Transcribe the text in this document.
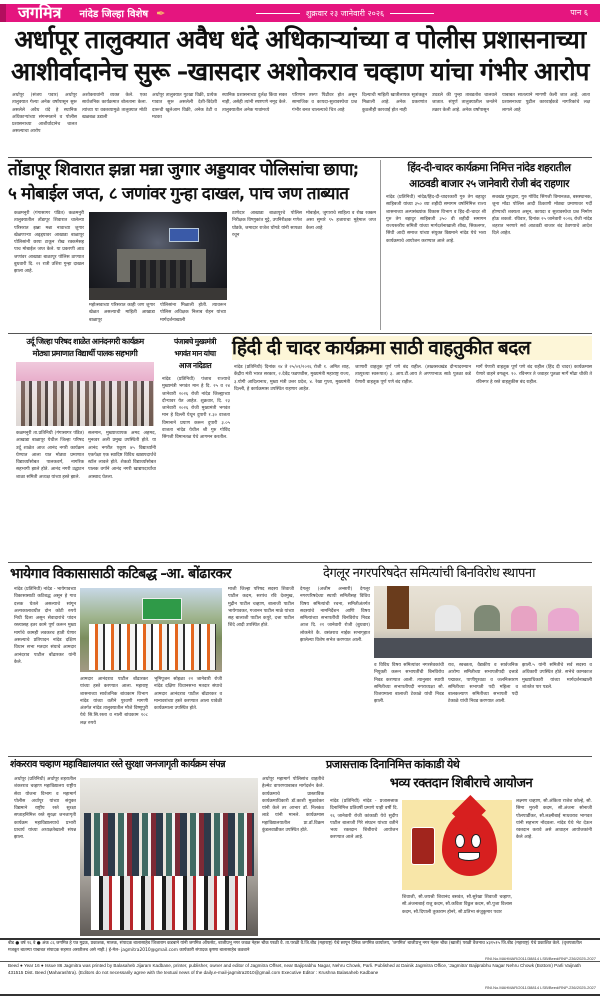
जगमित्र	नांदेड जिल्हा विशेष ✒	शुक्रवार २३ जानेवारी २०२६	पान ६
अर्धापूर तालुक्यात अवैध धंदे अधिकाऱ्यांच्या व पोलीस प्रशासनाच्या
आशीर्वादानेच सुरू –खासदार अशोकराव चव्हाण यांचा गंभीर आरोप
अर्धापूर (संजय पवार) अर्धापूर तालुक्यात गेल्या अनेक वर्षांपासून सुरू असलेले अवैध धंदे हे स्थानिक अधिकाऱ्यांच्या संगनमताने व पोलीस प्रशासनाच्या आशीर्वादानेच चालत असल्याचा आरोप
अशोकरावांनी व्यक्त केले. एका सार्वजनिक कार्यक्रमात बोलताना केला. त्यांच्या या वक्तव्यामुळे तालुक्यात मोठी खळबळ उडाली
अर्धापूर तालुक्यात गुटखा विक्री, प्रत्येक गावात सुरू असलेली देशी-विदेशी दारूची खुलेआम विक्री, अनेक ठेटी व मटका
स्थानिक प्रशासनाच्या दुर्लक्ष किंवा सक्त नाही, असेही त्यांनी स्पष्टपणे नमूद केले. तालुक्यातील अनेक गावांमध्ये
परिणाम तरुण पिढीवर होत असून सामाजिक व कायदा-सुव्यवस्थेचा प्रश्न गंभीर बनत चालल्याचे चित्र आहे
दिल्याची माहिती खात्रीलायक सूत्रांकडून मिळाली आहे. अनेक प्रकरणांत कुठलीही कारवाई होत नाही
उघडले की पुन्हा ताबडतोब चालवले जातात. संपूर्ण तालुक्यातील जनतेने तक्रार केली आहे. अनेक वर्षांपासून
याबाबत सातत्याने मागणी केली जात आहे. आता प्रशासनाच्या पुढील कारवाईकडे नागरिकांचे लक्ष लागले आहे
तोंडापूर शिवारात झन्ना मन्ना जुगार अड्डयावर पोलिसांचा छापा;
५ मोबाईल जप्त, ८ जणांवर गुन्हा दाखल, पाच जण ताब्यात
कळमनुरी (गंगासागर पंडित) कळमनुरी तालुक्यातील तोंडापूर शिवारात चालेल्या परिसरात झन्ना मन्ना नावाच्या जुगार खेळणाऱ्या अड्ड्यावर आखाडा बाळापूर पोलिसांनी छापा टाकून रोख रक्कमेसह पाच मोबाईल जप्त केले. या प्रकरणी आठ जणांवर आखाडा बाळापूर पोलिस ठाण्यात बुधवारी दि. २१ रात्री उशिरा गुन्हा दाखल झाला आहे.
महोत्सवाच्या परिसरात काही जण जुगार खेळत असल्याची माहिती आखाडा बाळापूर
पोलिसांना मिळाली होती. त्यावरून पोलिस अधिक्षक निलाब रोहन यांच्या मार्गदर्शनाखाली
ठाणेदार आखाडा बाळापूरचे पोलिस निरीक्षक विष्णुकांत गुट्टे, उपनिरीक्षक गणेश घोडके, जमादार राजेश घोंगडे यांनी सापळा रचून
मोबाईल, जुगाराचे साहित्य व रोख रक्कम असा सुमारे ९५ हजाराचा मुद्देमाल जप्त केला आहे
हिंद-दी-चादर कार्यक्रमा निमित्त नांदेड शहरातील
आठवडी बाजार २५ जानेवारी रोजी बंद राहणार
नांदेड (प्रतिनिधी) नांदेड/हिंद-दी-चादरकारी गुरु तेग बहादुर साहिबजी यांच्या ३५० व्या शहीदी समागम वर्षानिमित्त राज्य शासनाच्या अल्पसंख्यांक विकास विभाग व हिंद-दी-चादर श्री गुरु तेग बहादुर साहिबजी ३५० वी शहीदी समागम राज्यस्तरीय समिती यांच्या मार्गदर्शनाखाली शीख, सिकलगर, सिंधी आदी समाज यांच्या संयुक्त विद्यमाने नांदेड येथे भव्य कार्यक्रमाचे आयोजन करण्यात आले आहे.
सचखंड गुरुद्वारा, गुरु गोविंद सिंगजी विमानतळ, बसस्थानक, जुना मोंढा पोलिस आदी ठिकाणी मोठ्या प्रमाणावर गर्दी होण्याची शक्यता असून, कायदा व सुव्यवस्थेचा प्रश्न निर्माण होऊ शकतो. रविवार, दिनांक २५ जानेवारी २०२६ रोजी नांदेड शहरात भरणारे सर्व आठवडी बाजार बंद ठेवण्याचे आदेश दिले आहेत.
उर्दू जिल्हा परिषद शाळेत आनंदनगरी कार्यक्रम
मोठ्या प्रमाणात विद्यार्थी पालक सहभागी
कळमनुरी ता.प्रतिनिधी (गंगासागर पंडित) आखाडा बाळापूर येथील जिल्हा परिषद उर्दू शाळेत आज आनंद नगरी कार्यक्रम घेण्यात आला यात मोठ्या प्रमाणात विद्यार्थ्यांसोबत पालकवर्ग, नागरिक सहभागी झाले होते. आनंद नगरी उद्घाटन शाळा समिती अध्यक्ष यांच्या हस्ते झाले.
सलमान, मुख्याध्यापक अमद अहमद, मुनव्वर अली प्रमुख उपस्थिती होते. या आनंद नगरीत एकूण ४५ विद्यार्थ्यांनी एकपेक्षा एक स्वादिष्ट विविध खाद्यपदार्थचे स्टॉल लावले होते. शेकडो विद्यार्थ्यांसोबत पालक वर्गाने आनंद नगरी खाद्यपदार्थांचा आस्वाद घेतला.
पंजाबचे मुख्यमंत्री
भगवंत मान यांचा
आज नांदेडात
नांदेड (प्रतिनिधी) पंजाब राज्याचे मुख्यमंत्री भगवंत मान हे दि. २५ व २४ जानेवारी २०२६ रोजी नांदेड जिल्ह्याच्या दौऱ्यावर येत आहेत. शुक्रवार, दि. २३ जानेवारी २०२६ रोजी मुख्यमंत्री भगवंत मान हे दिल्ली येथून दुपारी १.३० वाजता विमानाने प्रयाण करून दुपारी ३.०५ वाजता नांदेड येथील श्री गुरु गोविंद सिंगजी विमानतळ येथे आगमन करतील.
हिंदी दी चादर कार्यक्रमा साठी वाहतुकीत बदल
नांदेड (प्रतिनिधी) दिनांक २४ ते २५/०१/२०२६ रोजी १. अमित शाह, केंद्रीय मंत्री भारत सरकार, २.देवेंद्र फडणवीस, मुख्यमंत्री महाराष्ट्र राज्य, ३.योगी आदित्यनाथ, मुख्य मंत्री उत्तर प्रदेश, ४. रेखा गुप्ता, मुख्यमंत्री दिल्ली, हे कार्यक्रमास उपस्थित राहणार आहेत.
जाणारी वाहतूक पूर्ण पणे बंद राहील. (तख्तसचखंड दौऱ्यादरम्यान तात्पुरत्या स्वरूपात) ३. आय.टी.आय ते अण्णाभाऊ साठे पुतळा कडे येणारी वाहतूक पूर्ण पणे बंद राहील.
मार्गे येणारी वाहतूक पूर्ण पणे बंद राहील (हिंद दी चादर) कार्यक्रमास येणारे वाहने वगळून. १०. रविनगर ते जवाहर पुतळा मार्गे मोंढा चौकी ते रविनगर हे रस्ते वाहतुकीस बंद राहील.
भायेगाव विकासासाठी कटिबद्ध –आ. बोंढारकर
नांदेड (प्रतिनिधी) नांदेड - भायेगावच्या विकासासाठी कटिबद्ध असून हे गाव दत्तक घेतले असल्याचे सांगून अल्पकालावधीत दोन कोटी रुपये निधी दिला असून सेवादारांचे पांदन रस्त्यासह इतर कामे पूर्ण करून मुख्य मार्गाचे कामही लवकरच हाती घेणार असल्याचे प्रतिपादन नांदेड दक्षिण विधान सभा मतदार संघाचे आमदार आनंदराव पाटील बोंढारकर यांनी केले.
आमदार आनंदराव पाटील बोंढारकर यांच्या हस्ते करण्यात आला. महाराष्ट्र शासनाच्या सार्वजनिक बांधकाम विभाग नांदेड यांच्या वतीने पुरवणी मागणी अंतर्गत नांदेड तालुक्यातील मौजे विष्णुपुरी येथे सि.सि.रस्ता व नाली बांधकाम १०८ लक्ष रुपये
भूमिपूजन सोहळा २२ जानेवारी रोजी नांदेड दक्षिण विधानसभा मतदार संघाचे आमदार आनंदराव पाटील बोंढारकर व मान्यवरांच्या हस्ते करण्यात आला यावेळी कार्यक्रमाला उपस्थित होते.
माजी जिल्हा परिषद सदस्य शिवाजी पाटील कदम, सरपंच रवि देशमुख, मुद्रीन पाटील चव्हाण, बालाजी पाटील भायेगावकर, गजानन पाटील माळे यांच्या सह बालाजी पाटील कपुरे, दत्ता पाटील शिंदे आदी उपस्थित होते.
देगलूर नगरपरिषदेत समित्यांची बिनविरोध स्थापना
देगलूर (अजीम अन्सारी) देगलूर नगरपरिषदेच्या स्थायी समितीसह विविध विषय समित्यांची रचना, समितीअंतर्गत सदस्यांचे नामनिर्देशन आणि विषय समित्यांच्या सभापतींची बिनविरोध निवड आज दि. २१ जानेवारी रोजी (बुधवार) लोकनेते कै. वसंतराव नाईक सभागृहात झालेल्या विशेष सभेत करण्यात आली.
व विविध विषय समित्यांवर नगरसेवकांची नियुक्ती करून सभापतींची बिनविरोध निवड करण्यात आली. त्यानुसार स्थायी समितीच्या सभापतीपदी नगराध्यक्षा सौ. विजयमाला बालाजी टेकाळे यांची निवड झाली.
राव, स्वच्छता, वैद्यकीय व सार्वजनिक आरोग्य समितीच्या सभापतीपदी दत्ताडे पद्माकर, पाणीपुरवठा व जलनिःसारण समितीच्या सभापती पदी महिला व बालकल्याण समितीच्या सभापती पदी टेकाळे यांची निवड करण्यात आली.
झाली.५ यांनी समितीचे सर्व सदस्य व अधिकारी उपस्थित होते. सभेचे कामकाज मुख्याधिकारी यांच्या मार्गदर्शनाखाली शांततेत पार पडले.
शंकरराव चव्हाण महाविद्यालयात रस्ते सुरक्षा जनजागृती कार्यक्रम संपन्न
अर्धापूर (प्रतिनिधी) अर्धापूर शहरातील शंकरराव चव्हाण महाविद्यालय राष्ट्रीय सेवा योजना विभाग व महामार्ग पोलीस अर्धापूर यांच्या संयुक्त विद्यमाने राष्ट्रीय रस्ते सुरक्षा सप्ताहनिमित्त रस्ते सुरक्षा जनजागृती कार्यक्रम महाविद्यालयाचे प्रभारी प्राचार्य यांच्या अध्यक्षतेखाली संपन्न झाला.
अर्धापूर महामार्ग पोलिसांच वाहतीचे हेल्मेट वापरण्याबाबत मार्गदर्शन केले. कार्यक्रमाचे प्रास्ताविक कार्यक्रमाधिकारी डॉ.काशी मुळावेकर यांनी केले तर आभार डॉ. निलकंठ लाडे यांनी मानले. कार्यक्रमास महाविद्यालयातील प्रा.डॉ.विक्रम कुंडलवाडीकर उपस्थित होते.
प्रजासत्ताक दिनानिमित्त कांकाडी येथे
भव्य रक्तदान शिबीराचे आयोजन
नांदेड (प्रतिनिधी) नांदेड - प्रजासत्ताक दिनानिमित्त प्रतिवर्षी प्रमाणे याही वर्षी दि. २६ जानेवारी रोजी कांकाडी येथे सुदीप पाटील बालाजी गिरे संघटन यांच्या वतीने भव्य रक्तदान शिबीराचे आयोजन करण्यात आले आहे.
शिवाजी, सौ.जयश्री शिवानंद बसवंत, सौ.सुरेखा शिवाजी चव्हाण, सौ.अंजनाबाई राजु कदम, सौ.कविता विठ्ठल कदम, सौ.पुजा विलास कदम, सौ.दिपाली तुकाराम होनरे, सौ.प्रतिभा संजुकुमार पवार
लक्ष्मण चव्हाण, सौ.अंकिता राजेश कोल्हे, सौ. सिमा मुरली कदम, सौ.अंजना सोनाजी पोलपार्डीकर, सौ.लक्ष्मीबाई माधवराव भागवत यांनी सहभाग नोंदवला. नांदेड येथे भेट देऊन रक्तदान करावे असे आवाहन आयोजकांनी केले आहे.
बीड ● वर्ष १६ वे ● अंक ८६ जगमित्र हे पत्र मुद्रक, प्रकाशक, मालक, संपादक बालासाहेब जिजाराम कडबाने यांनी जगमित्र ऑफसेट, बाजीप्रभू नगर जवळ नेहरू चौक परळी वै. ता.परळी वै.जि.बीड (महाराष्ट्र) येथे छापून दैनिक जगमित्र कार्यालय, 'जगमित्र' बाजीप्रभू नगर नेहरू चौक (खाली) परळी वैजनाथ ४३१५१५ जि.बीड (महाराष्ट्र) येथे प्रकाशित केले. (वृत्तपत्रातील मजकूर बातम्या याबाबत संपादक सहमत असतीलच असे नाही.) ई-मेल- jagmitra2010@gmail.com कार्यकारी संपादक कृष्णा बालासाहेब कडबाने
RNI.No.MAHMAR/2011/38814 LSB/Beed/RNP-236/2025-2027
Beed ● Year 16 ● Issue 86 Jagmitra was printed by Balasaheb Jijaram Kadbane, printer, publisher, owner and editor of Jagmitra Offset, near Bajiprabhu Nagar, Nehru Chowk, Parli. Published at Dainik Jagmitra Office, 'Jagmitra' Bajiprabhu Nagar Nehru Chowk (Bottom) Parli Vaijnath 431515 Dist. Beed (Maharashtra). (Editors do not necessarily agree with the textual news of the daily.e-mail-jagmitra2010@gmail.com Executive Editor : Krushna Balasaheb Kadbane
RNI.No.MAHMAR/2011/38814 LSB/Beed/RNP-236/2025-2027
